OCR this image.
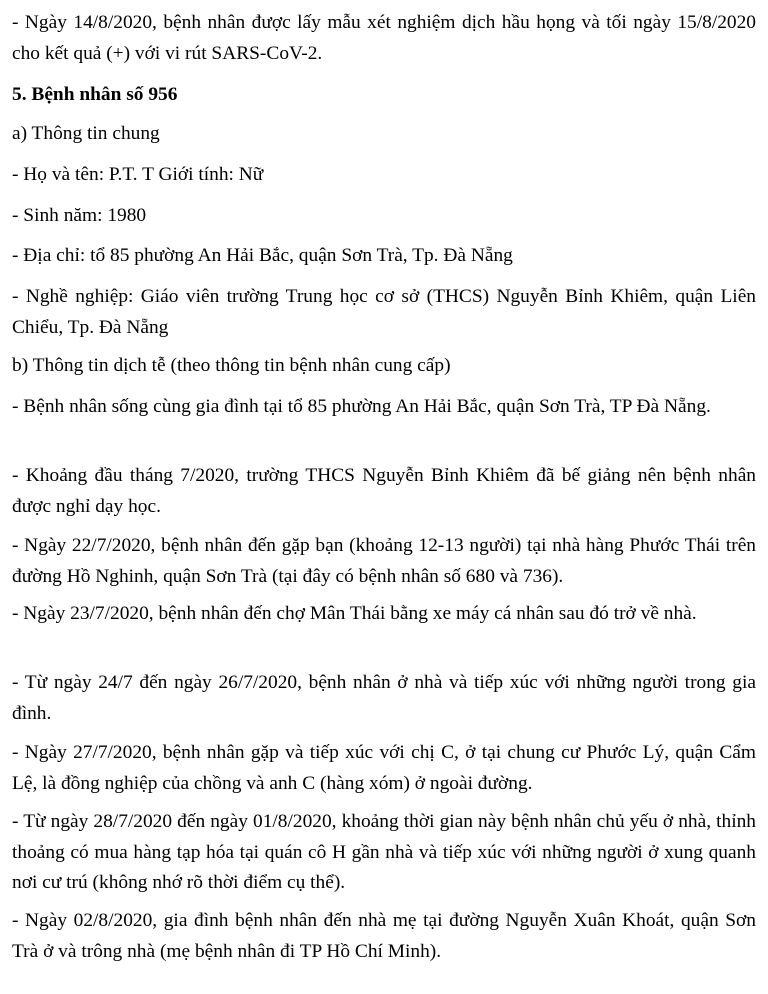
- Ngày 14/8/2020, bệnh nhân được lấy mẫu xét nghiệm dịch hầu họng và tối ngày 15/8/2020 cho kết quả (+) với vi rút SARS-CoV-2.

5. Bệnh nhân số 956

a) Thông tin chung

- Họ và tên: P.T. T Giới tính: Nữ

- Sinh năm: 1980

- Địa chỉ: tổ 85 phường An Hải Bắc, quận Sơn Trà, Tp. Đà Nẵng

- Nghề nghiệp: Giáo viên trường Trung học cơ sở (THCS) Nguyễn Bỉnh Khiêm, quận Liên Chiểu, Tp. Đà Nẵng

b) Thông tin dịch tễ (theo thông tin bệnh nhân cung cấp)

- Bệnh nhân sống cùng gia đình tại tổ 85 phường An Hải Bắc, quận Sơn Trà, TP Đà Nẵng.

- Khoảng đầu tháng 7/2020, trường THCS Nguyễn Bỉnh Khiêm đã bế giảng nên bệnh nhân được nghỉ dạy học.

- Ngày 22/7/2020, bệnh nhân đến gặp bạn (khoảng 12-13 người) tại nhà hàng Phước Thái trên đường Hồ Nghinh, quận Sơn Trà (tại đây có bệnh nhân số 680 và 736).

- Ngày 23/7/2020, bệnh nhân đến chợ Mân Thái bằng xe máy cá nhân sau đó trở về nhà.

- Từ ngày 24/7 đến ngày 26/7/2020, bệnh nhân ở nhà và tiếp xúc với những người trong gia đình.

- Ngày 27/7/2020, bệnh nhân gặp và tiếp xúc với chị C, ở tại chung cư Phước Lý, quận Cẩm Lệ, là đồng nghiệp của chồng và anh C (hàng xóm) ở ngoài đường.

- Từ ngày 28/7/2020 đến ngày 01/8/2020, khoảng thời gian này bệnh nhân chủ yếu ở nhà, thỉnh thoảng có mua hàng tạp hóa tại quán cô H gần nhà và tiếp xúc với những người ở xung quanh nơi cư trú (không nhớ rõ thời điểm cụ thể).

- Ngày 02/8/2020, gia đình bệnh nhân đến nhà mẹ tại đường Nguyễn Xuân Khoát, quận Sơn Trà ở và trông nhà (mẹ bệnh nhân đi TP Hồ Chí Minh).
